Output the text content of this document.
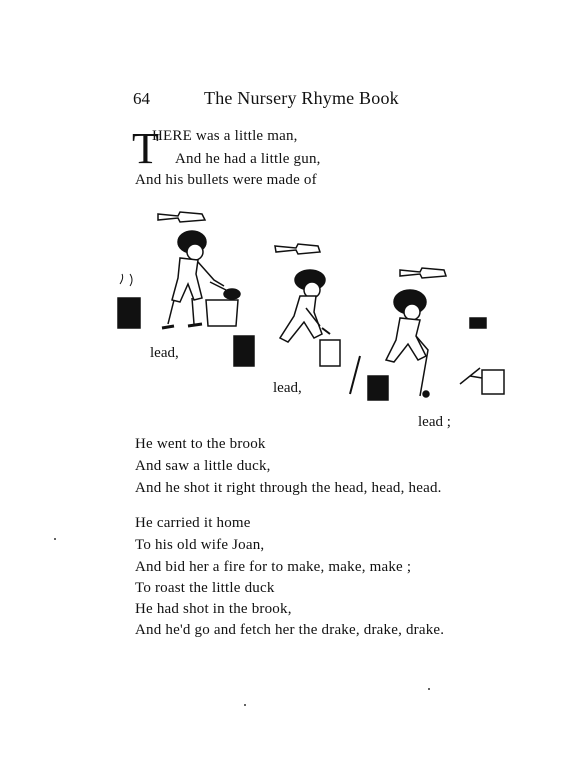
64	The Nursery Rhyme Book
T
HERE was a little man,
And he had a little gun,
And his bullets were made of
lead,
lead,
lead ;
He went to the brook
And saw a little duck,
And he shot it right through the head, head, head.
He carried it home
To his old wife Joan,
And bid her a fire for to make, make, make ;
To roast the little duck
He had shot in the brook,
And he'd go and fetch her the drake, drake, drake.
